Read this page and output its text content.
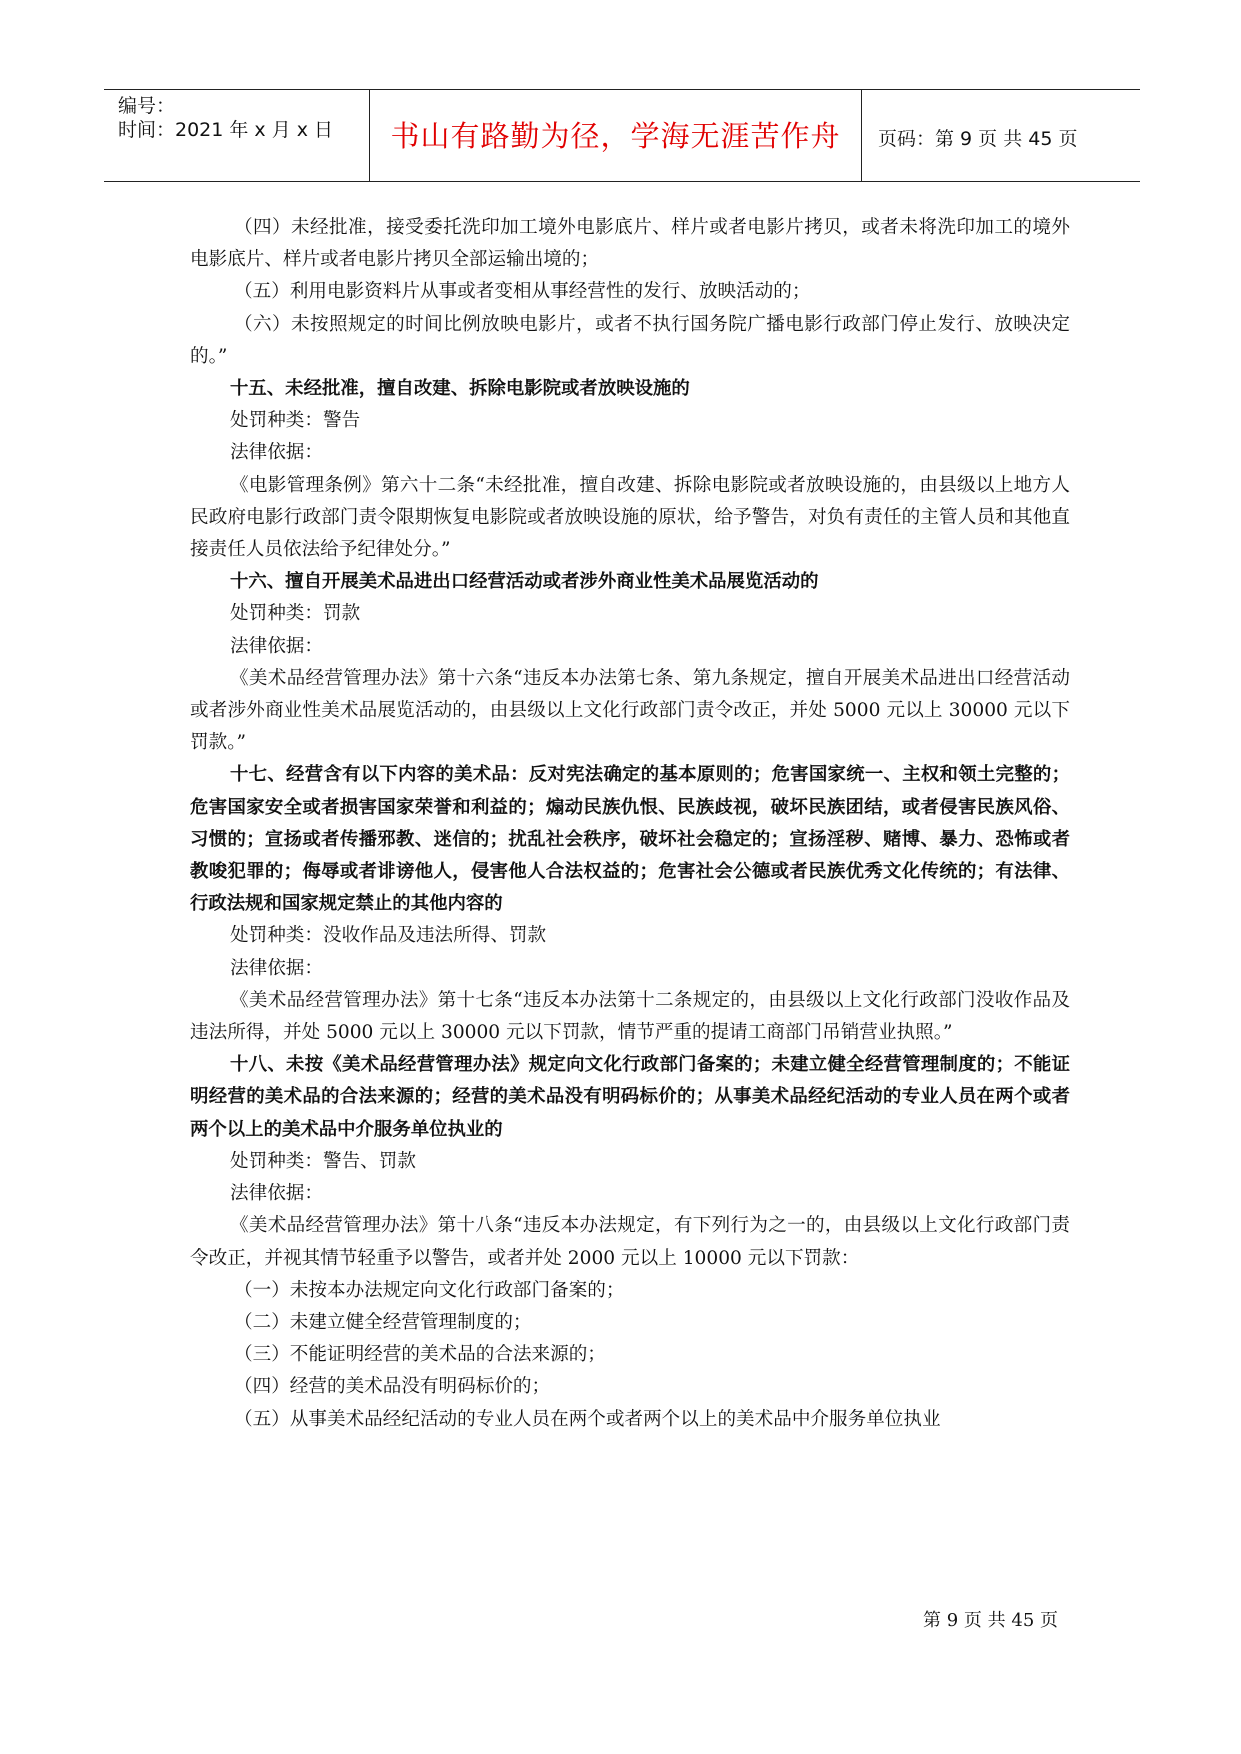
编号：
时间：2021 年 x 月 x 日	书山有路勤为径，学海无涯苦作舟	页码：第 9 页 共 45 页

（四）未经批准，接受委托洗印加工境外电影底片、样片或者电影片拷贝，或者未将洗印加工的境外电影底片、样片或者电影片拷贝全部运输出境的；

（五）利用电影资料片从事或者变相从事经营性的发行、放映活动的；

（六）未按照规定的时间比例放映电影片，或者不执行国务院广播电影行政部门停止发行、放映决定的。”

十五、未经批准，擅自改建、拆除电影院或者放映设施的

处罚种类：警告

法律依据：

《电影管理条例》第六十二条“未经批准，擅自改建、拆除电影院或者放映设施的，由县级以上地方人民政府电影行政部门责令限期恢复电影院或者放映设施的原状，给予警告，对负有责任的主管人员和其他直接责任人员依法给予纪律处分。”

十六、擅自开展美术品进出口经营活动或者涉外商业性美术品展览活动的

处罚种类：罚款

法律依据：

《美术品经营管理办法》第十六条“违反本办法第七条、第九条规定，擅自开展美术品进出口经营活动或者涉外商业性美术品展览活动的，由县级以上文化行政部门责令改正，并处 5000 元以上 30000 元以下罚款。”

十七、经营含有以下内容的美术品：反对宪法确定的基本原则的；危害国家统一、主权和领土完整的；危害国家安全或者损害国家荣誉和利益的；煽动民族仇恨、民族歧视，破坏民族团结，或者侵害民族风俗、习惯的；宣扬或者传播邪教、迷信的；扰乱社会秩序，破坏社会稳定的；宣扬淫秽、赌博、暴力、恐怖或者教唆犯罪的；侮辱或者诽谤他人，侵害他人合法权益的；危害社会公德或者民族优秀文化传统的；有法律、行政法规和国家规定禁止的其他内容的

处罚种类：没收作品及违法所得、罚款

法律依据：

《美术品经营管理办法》第十七条“违反本办法第十二条规定的，由县级以上文化行政部门没收作品及违法所得，并处 5000 元以上 30000 元以下罚款，情节严重的提请工商部门吊销营业执照。”

十八、未按《美术品经营管理办法》规定向文化行政部门备案的；未建立健全经营管理制度的；不能证明经营的美术品的合法来源的；经营的美术品没有明码标价的；从事美术品经纪活动的专业人员在两个或者两个以上的美术品中介服务单位执业的

处罚种类：警告、罚款

法律依据：

《美术品经营管理办法》第十八条“违反本办法规定，有下列行为之一的，由县级以上文化行政部门责令改正，并视其情节轻重予以警告，或者并处 2000 元以上 10000 元以下罚款：

（一）未按本办法规定向文化行政部门备案的；

（二）未建立健全经营管理制度的；

（三）不能证明经营的美术品的合法来源的；

（四）经营的美术品没有明码标价的；

（五）从事美术品经纪活动的专业人员在两个或者两个以上的美术品中介服务单位执业

第 9 页 共 45 页
